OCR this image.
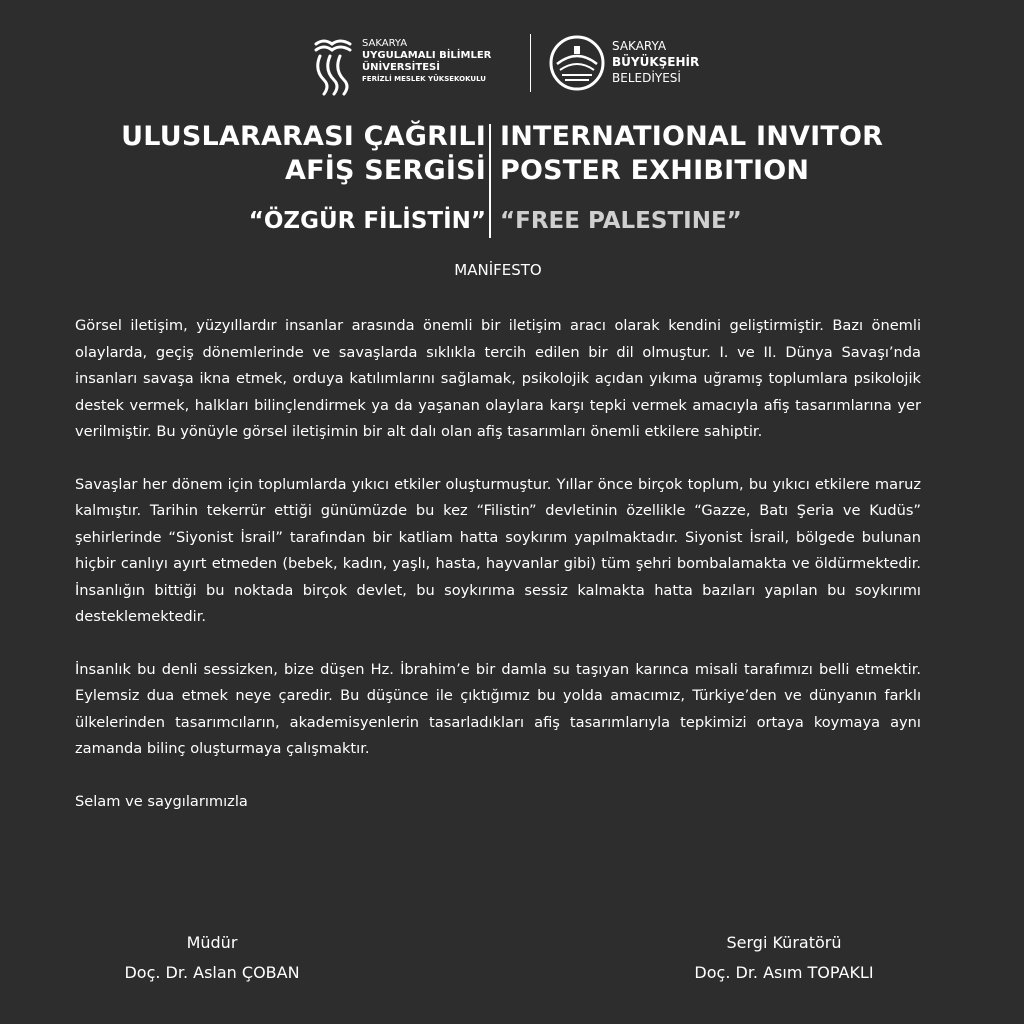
SAKARYA
UYGULAMALI BİLİMLER
ÜNİVERSİTESİ
FERİZLİ MESLEK YÜKSEKOKULU
SAKARYA
BÜYÜKŞEHİR
BELEDİYESİ
ULUSLARARASI ÇAĞRILI
AFİŞ SERGİSİ
“ÖZGÜR FİLİSTİN”
INTERNATIONAL INVITOR
POSTER EXHIBITION
“FREE PALESTINE”
MANİFESTO

Görsel iletişim, yüzyıllardır insanlar arasında önemli bir iletişim aracı olarak kendini geliştirmiştir. Bazı önemli olaylarda, geçiş dönemlerinde ve savaşlarda sıklıkla tercih edilen bir dil olmuştur. I. ve II. Dünya Savaşı’nda insanları savaşa ikna etmek, orduya katılımlarını sağlamak, psikolojik açıdan yıkıma uğramış toplumlara psikolojik destek vermek, halkları bilinçlendirmek ya da yaşanan olaylara karşı tepki vermek amacıyla afiş tasarımlarına yer verilmiştir. Bu yönüyle görsel iletişimin bir alt dalı olan afiş tasarımları önemli etkilere sahiptir.

Savaşlar her dönem için toplumlarda yıkıcı etkiler oluşturmuştur. Yıllar önce birçok toplum, bu yıkıcı etkilere maruz kalmıştır. Tarihin tekerrür ettiği günümüzde bu kez “Filistin” devletinin özellikle “Gazze, Batı Şeria ve Kudüs” şehirlerinde “Siyonist İsrail” tarafından bir katliam hatta soykırım yapılmaktadır. Siyonist İsrail, bölgede bulunan hiçbir canlıyı ayırt etmeden (bebek, kadın, yaşlı, hasta, hayvanlar gibi) tüm şehri bombalamakta ve öldürmektedir. İnsanlığın bittiği bu noktada birçok devlet, bu soykırıma sessiz kalmakta hatta bazıları yapılan bu soykırımı desteklemektedir.

İnsanlık bu denli sessizken, bize düşen Hz. İbrahim’e bir damla su taşıyan karınca misali tarafımızı belli etmektir. Eylemsiz dua etmek neye çaredir. Bu düşünce ile çıktığımız bu yolda amacımız, Türkiye’den ve dünyanın farklı ülkelerinden tasarımcıların, akademisyenlerin tasarladıkları afiş tasarımlarıyla tepkimizi ortaya koymaya aynı zamanda bilinç oluşturmaya çalışmaktır.

Selam ve saygılarımızla

Müdür
Doç. Dr. Aslan ÇOBAN
Sergi Küratörü
Doç. Dr. Asım TOPAKLI
